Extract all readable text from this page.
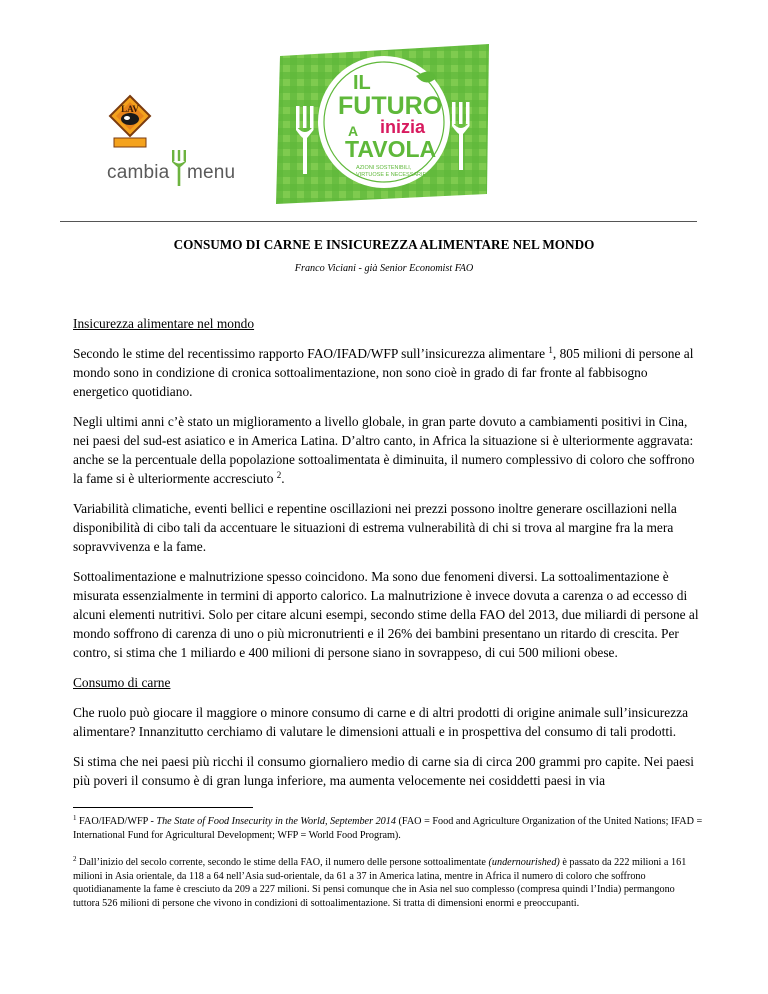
LAV
cambia menu
IL
FUTURO
inizia
A
TAVOLA
AZIONI SOSTENIBILI,
VIRTUOSE E NECESSARIE
CONSUMO DI CARNE E INSICUREZZA ALIMENTARE NEL MONDO
Franco Viciani - già Senior Economist FAO

Insicurezza alimentare nel mondo

Secondo le stime del recentissimo rapporto FAO/IFAD/WFP sull’insicurezza alimentare $^1$, 805 milioni di persone al mondo sono in condizione di cronica sottoalimentazione, non sono cioè in grado di far fronte al fabbisogno energetico quotidiano.

Negli ultimi anni c’è stato un miglioramento a livello globale, in gran parte dovuto a cambiamenti positivi in Cina, nei paesi del sud-est asiatico e in America Latina. D’altro canto, in Africa la situazione si è ulteriormente aggravata: anche se la percentuale della popolazione sottoalimentata è diminuita, il numero complessivo di coloro che soffrono la fame si è ulteriormente accresciuto $^2$.

Variabilità climatiche, eventi bellici e repentine oscillazioni nei prezzi possono inoltre generare oscillazioni nella disponibilità di cibo tali da accentuare le situazioni di estrema vulnerabilità di chi si trova al margine fra la mera sopravvivenza e la fame.

Sottoalimentazione e malnutrizione spesso coincidono. Ma sono due fenomeni diversi. La sottoalimentazione è misurata essenzialmente in termini di apporto calorico. La malnutrizione è invece dovuta a carenza o ad eccesso di alcuni elementi nutritivi. Solo per citare alcuni esempi, secondo stime della FAO del 2013, due miliardi di persone al mondo soffrono di carenza di uno o più micronutrienti e il 26% dei bambini presentano un ritardo di crescita. Per contro, si stima che 1 miliardo e 400 milioni di persone siano in sovrappeso, di cui 500 milioni obese.

Consumo di carne

Che ruolo può giocare il maggiore o minore consumo di carne e di altri prodotti di origine animale sull’insicurezza alimentare? Innanzitutto cerchiamo di valutare le dimensioni attuali e in prospettiva del consumo di tali prodotti.

Si stima che nei paesi più ricchi il consumo giornaliero medio di carne sia di circa 200 grammi pro capite. Nei paesi più poveri il consumo è di gran lunga inferiore, ma aumenta velocemente nei cosiddetti paesi in via

$^1$ FAO/IFAD/WFP - The State of Food Insecurity in the World, September 2014 (FAO = Food and Agriculture Organization of the United Nations; IFAD = International Fund for Agricultural Development; WFP = World Food Program).
$^2$ Dall’inizio del secolo corrente, secondo le stime della FAO, il numero delle persone sottoalimentate (undernourished) è passato da 222 milioni a 161 milioni in Asia orientale, da 118 a 64 nell’Asia sud-orientale, da 61 a 37 in America latina, mentre in Africa il numero di coloro che soffrono quotidianamente la fame è cresciuto da 209 a 227 milioni. Si pensi comunque che in Asia nel suo complesso (compresa quindi l’India) permangono tuttora 526 milioni di persone che vivono in condizioni di sottoalimentazione. Si tratta di dimensioni enormi e preoccupanti.
